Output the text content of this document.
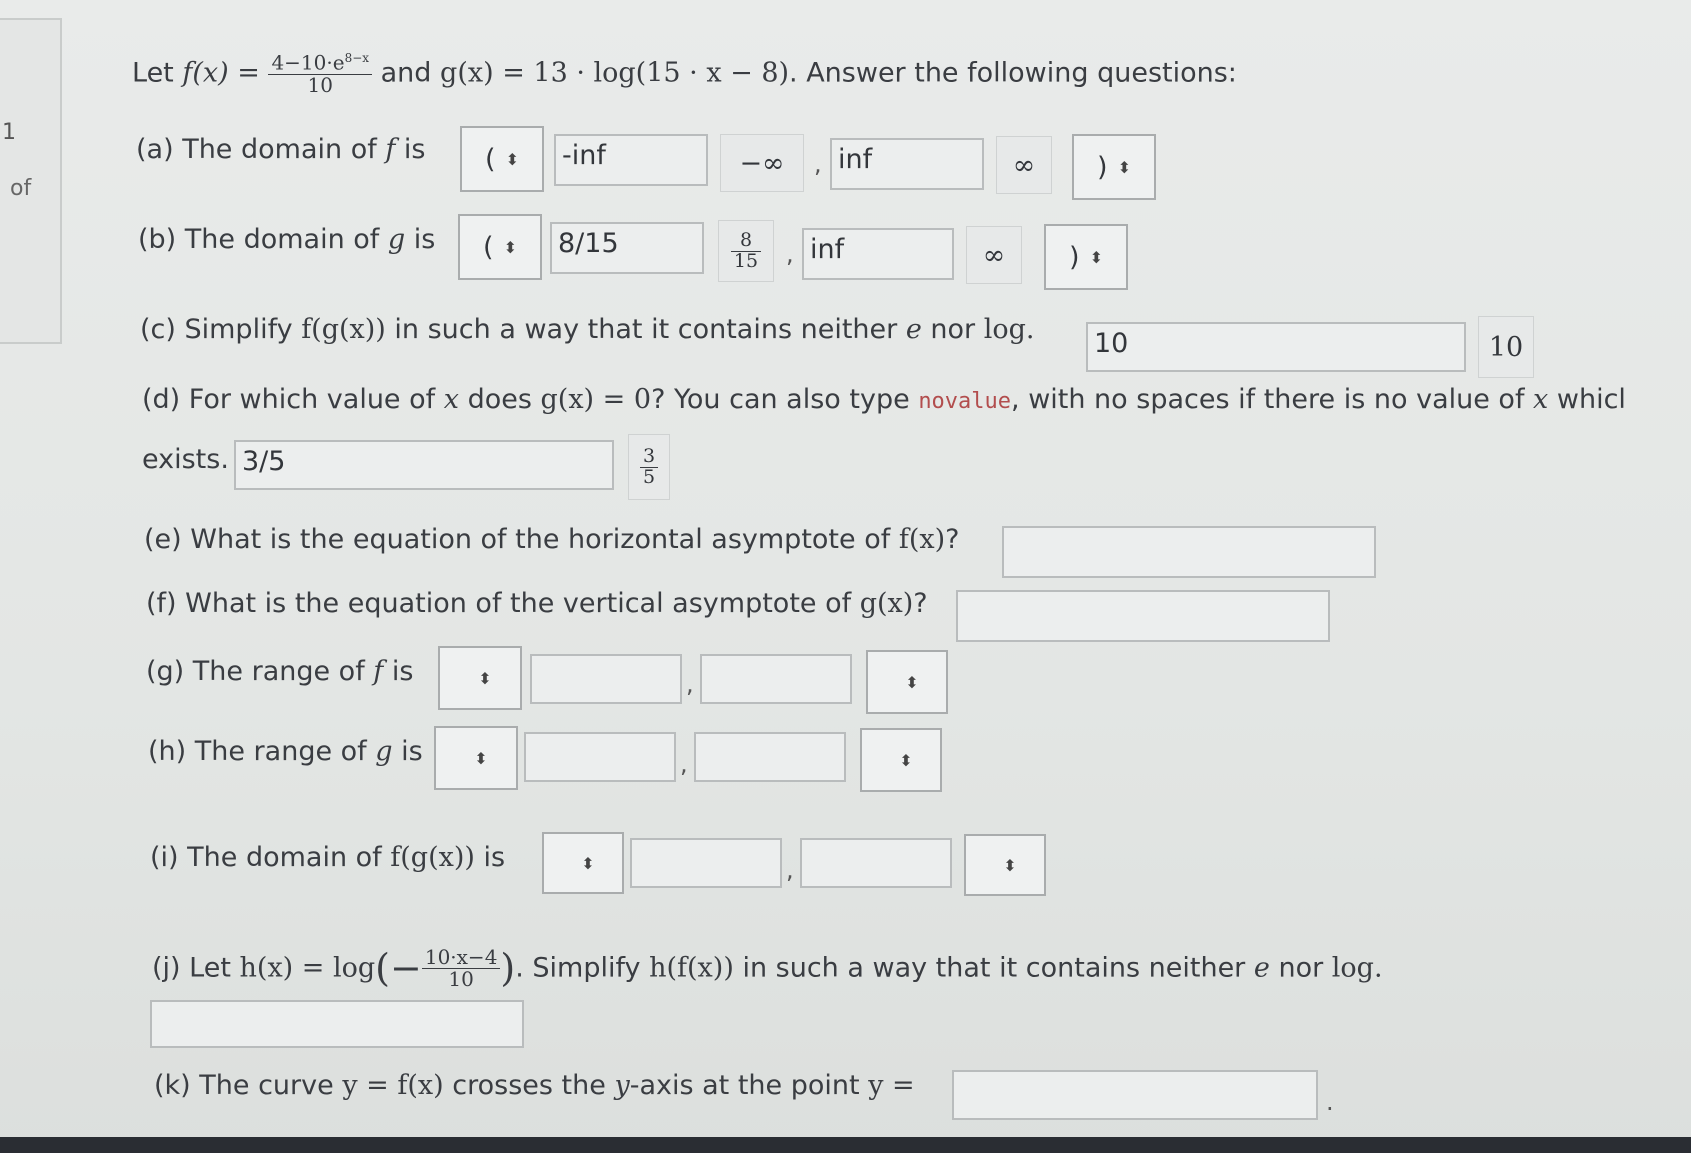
1
of
Let $f(x) = \frac{4-10\cdot e^{8-x}}{10}$ and g(x) = 13 · log(15 · x − 8). Answer the following questions:
(a) The domain of f is ( ⬍ -inf	−∞	, inf	∞	) ⬍
(b) The domain of g is ( ⬍ 8/15	$\frac{8}{15}$ , inf	∞	) ⬍
(c) Simplify f(g(x)) in such a way that it contains neither e nor log. 10	10
(d) For which value of x does g(x) = 0? You can also type novalue, with no spaces if there is no value of x whicl
exists. 3/5	$\frac{3}{5}$
(e) What is the equation of the horizontal asymptote of f(x)?
(f) What is the equation of the vertical asymptote of g(x)?
(g) The range of f is	⬍	,	⬍
(h) The range of g is	⬍	,	⬍
(i) The domain of f(g(x)) is	⬍	,	⬍
(j) Let $h(x) = \log(- \frac{10\cdot x-4}{10}$ ). Simplify h(f(x)) in such a way that it contains neither e nor log.
(k) The curve y = f(x) crosses the y-axis at the point y =
.
